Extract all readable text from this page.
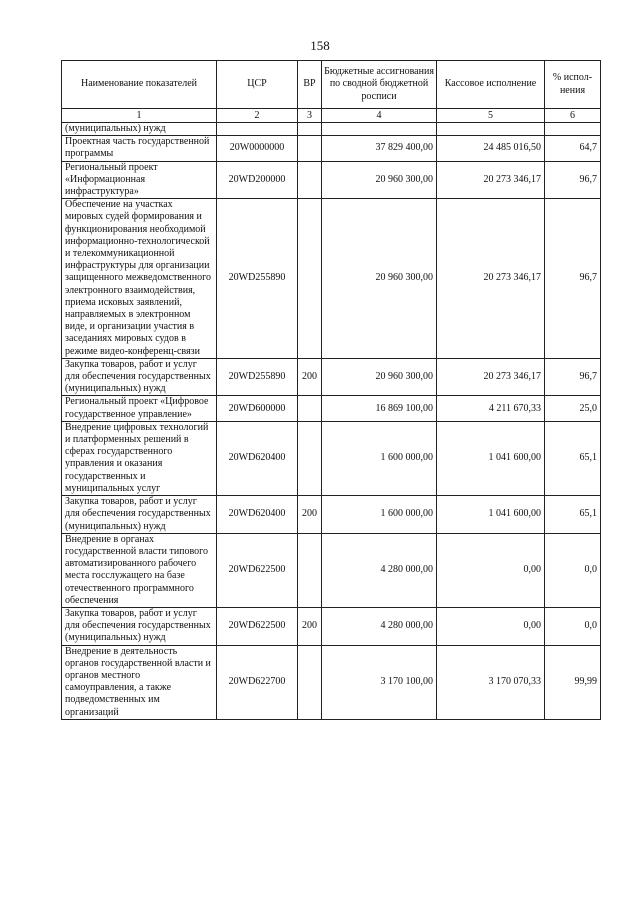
158
Наименование показателей	ЦСР	ВР	Бюджетные ассигнования по сводной бюджетной росписи	Кассовое исполнение	% испол-нения
1	2	3	4	5	6
(муниципальных) нужд					
Проектная часть государственной программы	20W0000000		37 829 400,00	24 485 016,50	64,7
Региональный проект «Информационная инфраструктура»	20WD200000		20 960 300,00	20 273 346,17	96,7
Обеспечение на участках мировых судей формирования и функционирования необходимой информационно-технологической и телекоммуникационной инфраструктуры для организации защищенного межведомственного электронного взаимодействия, приема исковых заявлений, направляемых в электронном виде, и организации участия в заседаниях мировых судов в режиме видео-конференц-связи	20WD255890		20 960 300,00	20 273 346,17	96,7
Закупка товаров, работ и услуг для обеспечения государственных (муниципальных) нужд	20WD255890	200	20 960 300,00	20 273 346,17	96,7
Региональный проект «Цифровое государственное управление»	20WD600000		16 869 100,00	4 211 670,33	25,0
Внедрение цифровых технологий и платформенных решений в сферах государственного управления и оказания государственных и муниципальных услуг	20WD620400		1 600 000,00	1 041 600,00	65,1
Закупка товаров, работ и услуг для обеспечения государственных (муниципальных) нужд	20WD620400	200	1 600 000,00	1 041 600,00	65,1
Внедрение в органах государственной власти типового автоматизированного рабочего места госслужащего на базе отечественного программного обеспечения	20WD622500		4 280 000,00	0,00	0,0
Закупка товаров, работ и услуг для обеспечения государственных (муниципальных) нужд	20WD622500	200	4 280 000,00	0,00	0,0
Внедрение в деятельность органов государственной власти и органов местного самоуправления, а также подведомственных им организаций	20WD622700		3 170 100,00	3 170 070,33	99,99
